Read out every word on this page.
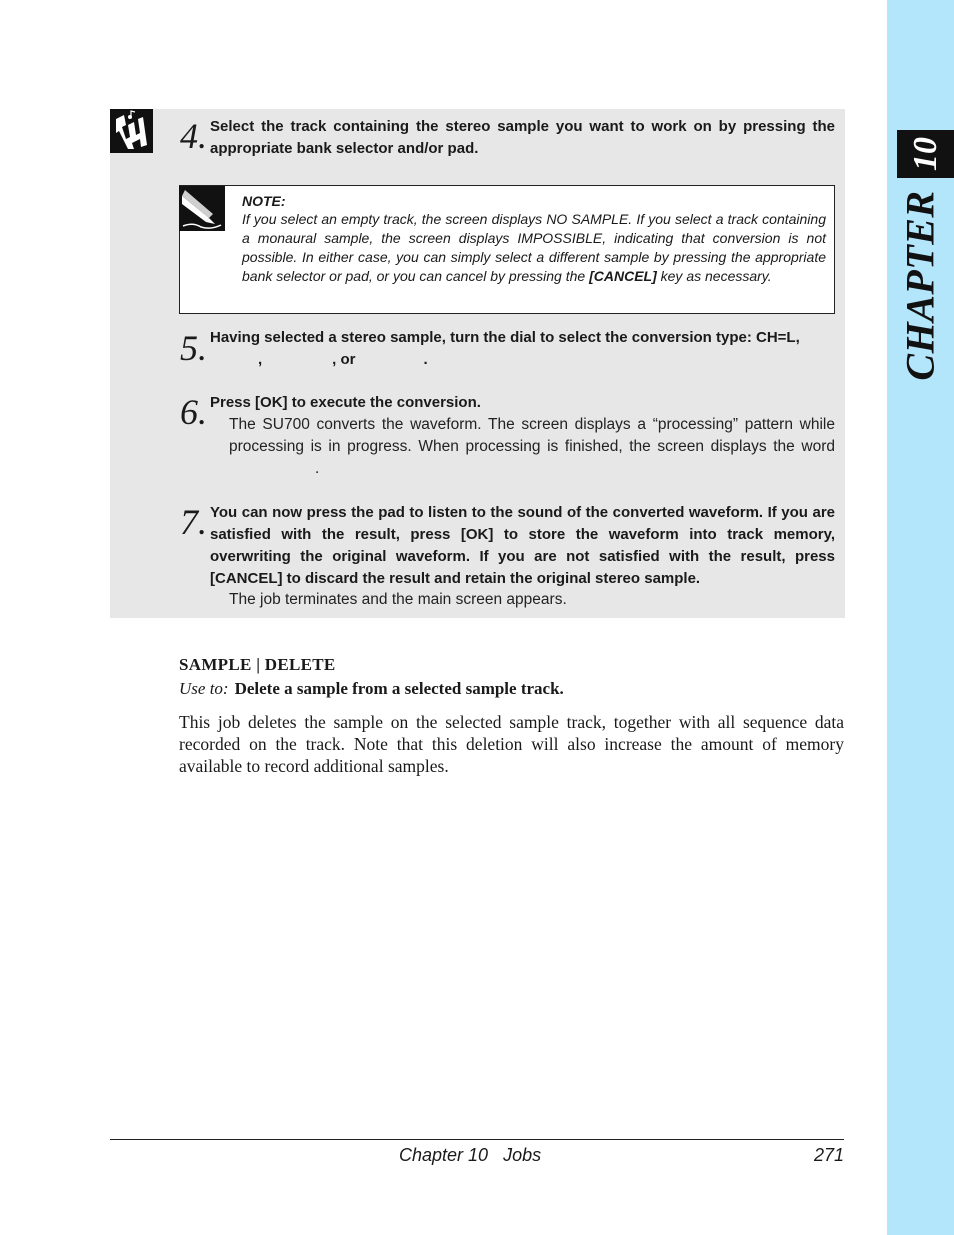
10
CHAPTER
4. Select the track containing the stereo sample you want to work on by pressing the appropriate bank selector and/or pad.
NOTE:
If you select an empty track, the screen displays NO SAMPLE. If you select a track containing a monaural sample, the screen displays IMPOSSIBLE, indicating that conversion is not possible. In either case, you can simply select a different sample by pressing the appropriate bank selector or pad, or you can cancel by pressing the [CANCEL] key as necessary.
5. Having selected a stereo sample, turn the dial to select the conversion type: CH=L,
,	, or	.
6. Press [OK] to execute the conversion.
The SU700 converts the waveform. The screen displays a “processing” pattern while processing is in progress. When processing is finished, the screen displays the word.
7. You can now press the pad to listen to the sound of the converted waveform. If you are satisfied with the result, press [OK] to store the waveform into track memory, overwriting the original waveform. If you are not satisfied with the result, press [CANCEL] to discard the result and retain the original stereo sample.
The job terminates and the main screen appears.
SAMPLE | DELETE
Use to: Delete a sample from a selected sample track.
This job deletes the sample on the selected sample track, together with all sequence data recorded on the track. Note that this deletion will also increase the amount of memory available to record additional samples.
Chapter 10   Jobs	271
